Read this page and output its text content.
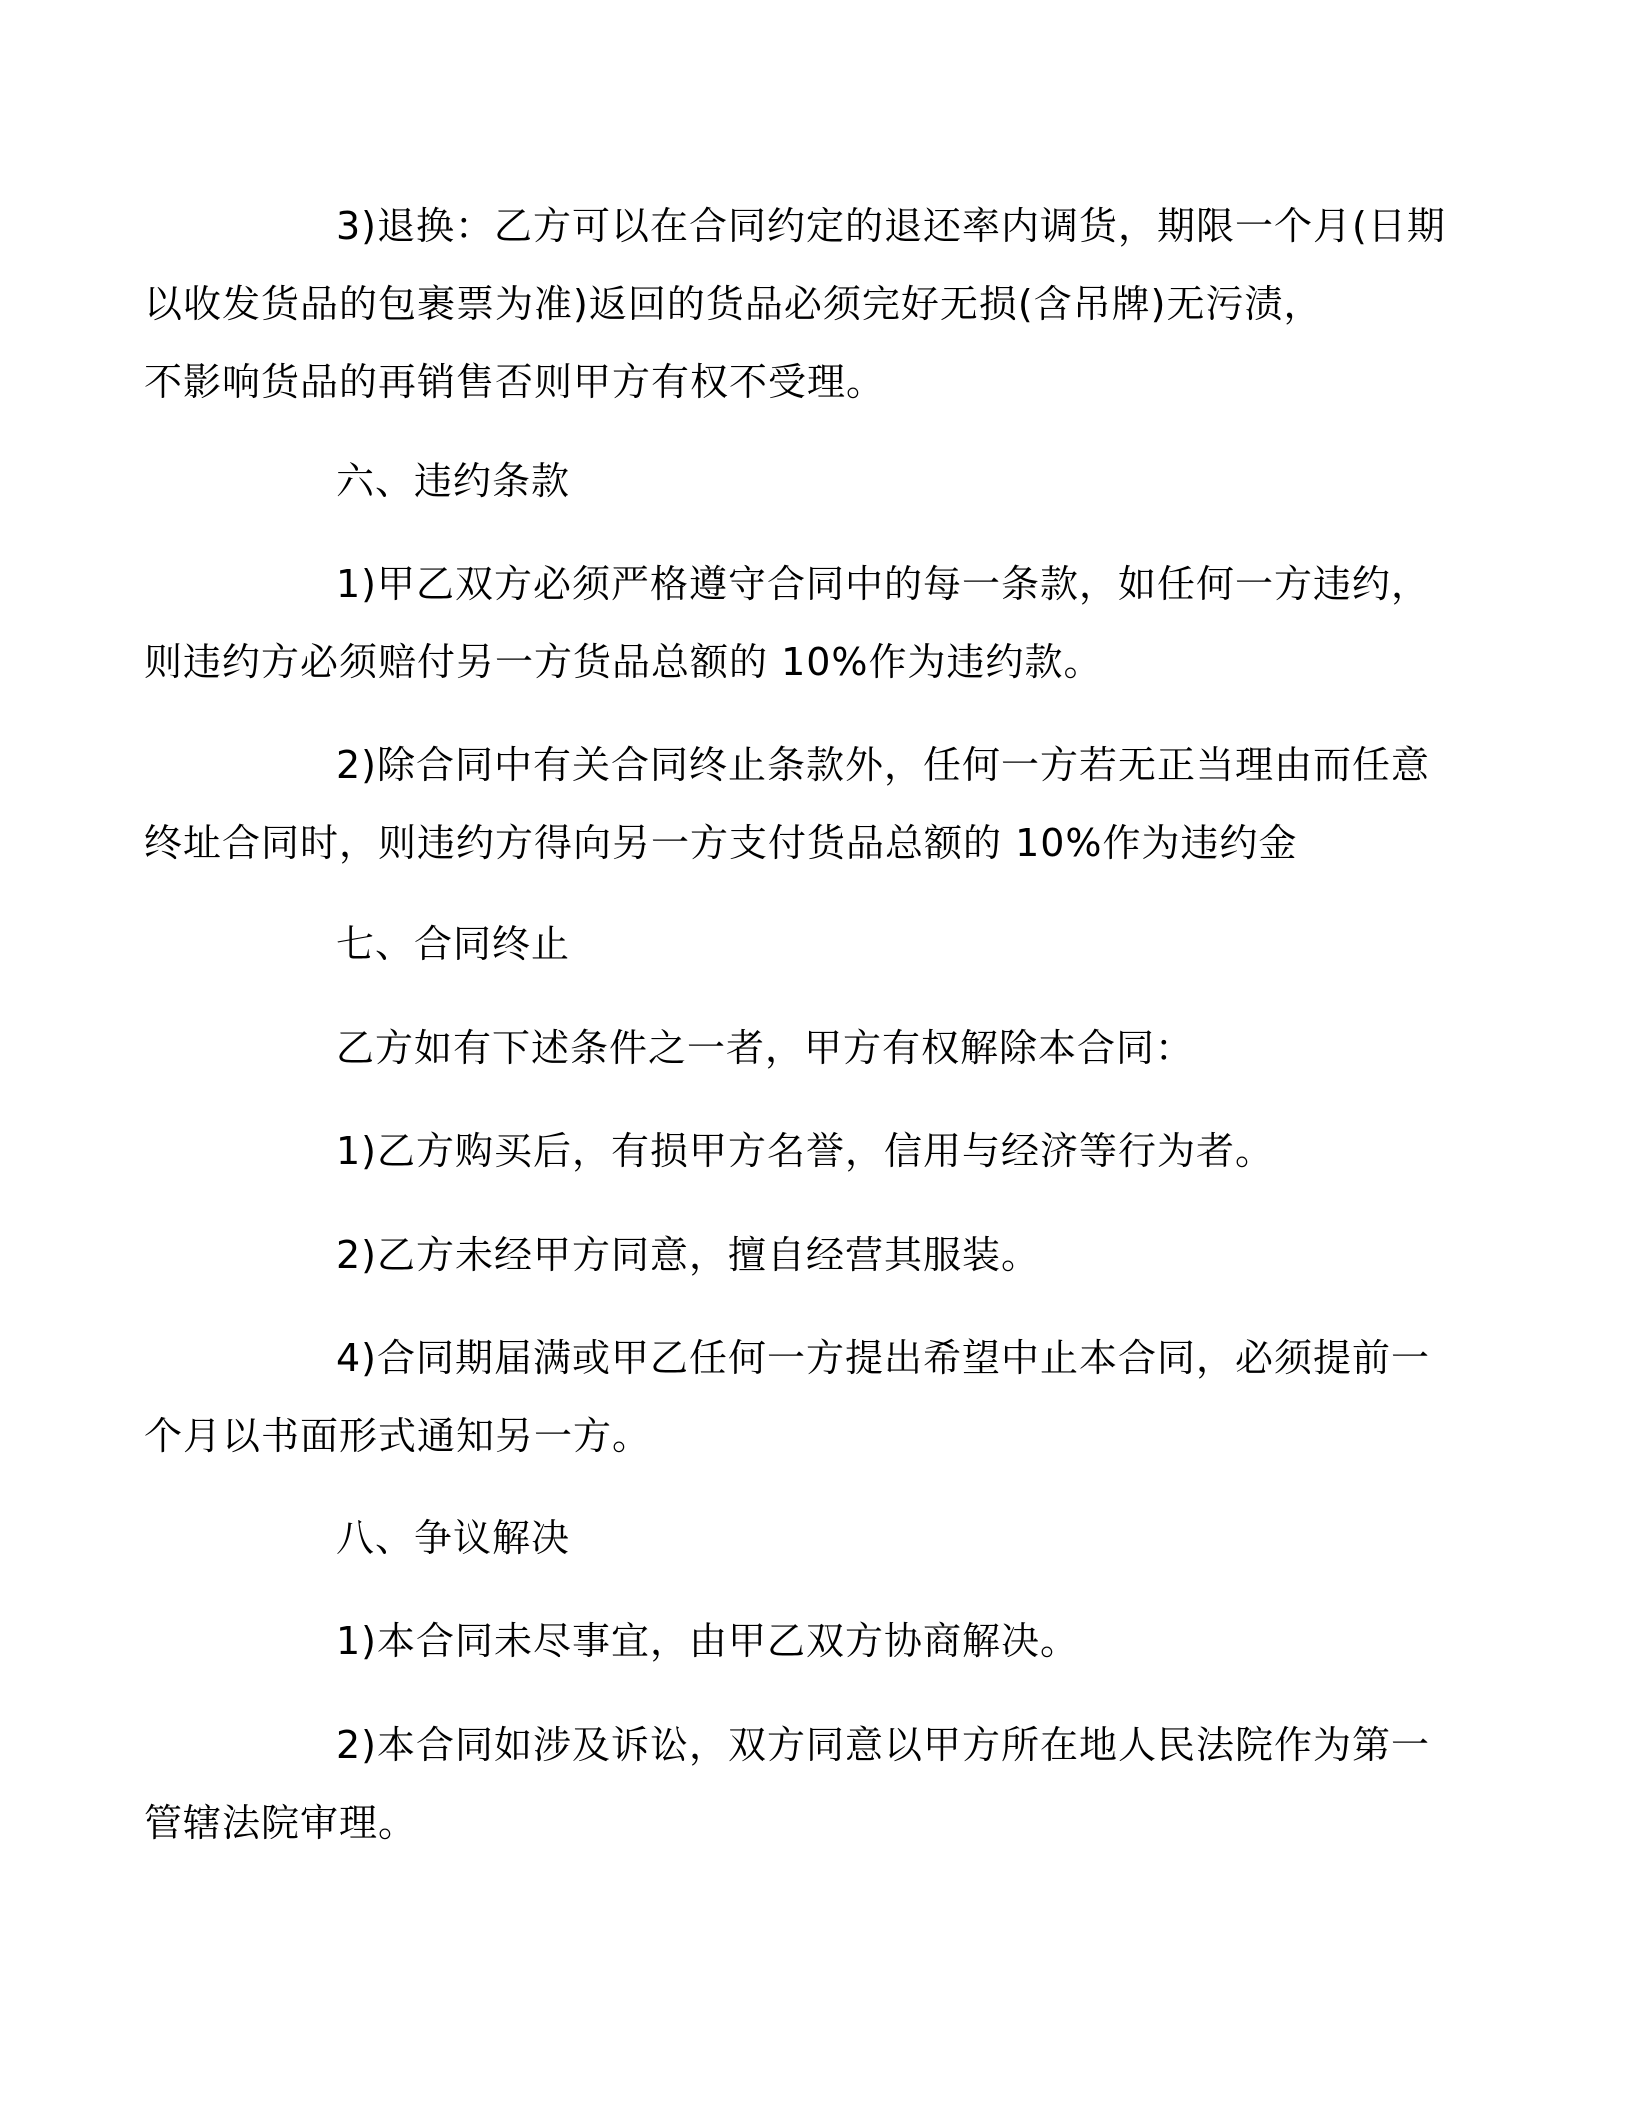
3)退换：乙方可以在合同约定的退还率内调货，期限一个月(日期
以收发货品的包裹票为准)返回的货品必须完好无损(含吊牌)无污渍，
不影响货品的再销售否则甲方有权不受理。

六、违约条款

1)甲乙双方必须严格遵守合同中的每一条款，如任何一方违约，
则违约方必须赔付另一方货品总额的 10%作为违约款。

2)除合同中有关合同终止条款外，任何一方若无正当理由而任意
终址合同时，则违约方得向另一方支付货品总额的 10%作为违约金

七、合同终止

乙方如有下述条件之一者，甲方有权解除本合同：

1)乙方购买后，有损甲方名誉，信用与经济等行为者。

2)乙方未经甲方同意，擅自经营其服装。

4)合同期届满或甲乙任何一方提出希望中止本合同，必须提前一
个月以书面形式通知另一方。

八、争议解决

1)本合同未尽事宜，由甲乙双方协商解决。

2)本合同如涉及诉讼，双方同意以甲方所在地人民法院作为第一
管辖法院审理。
